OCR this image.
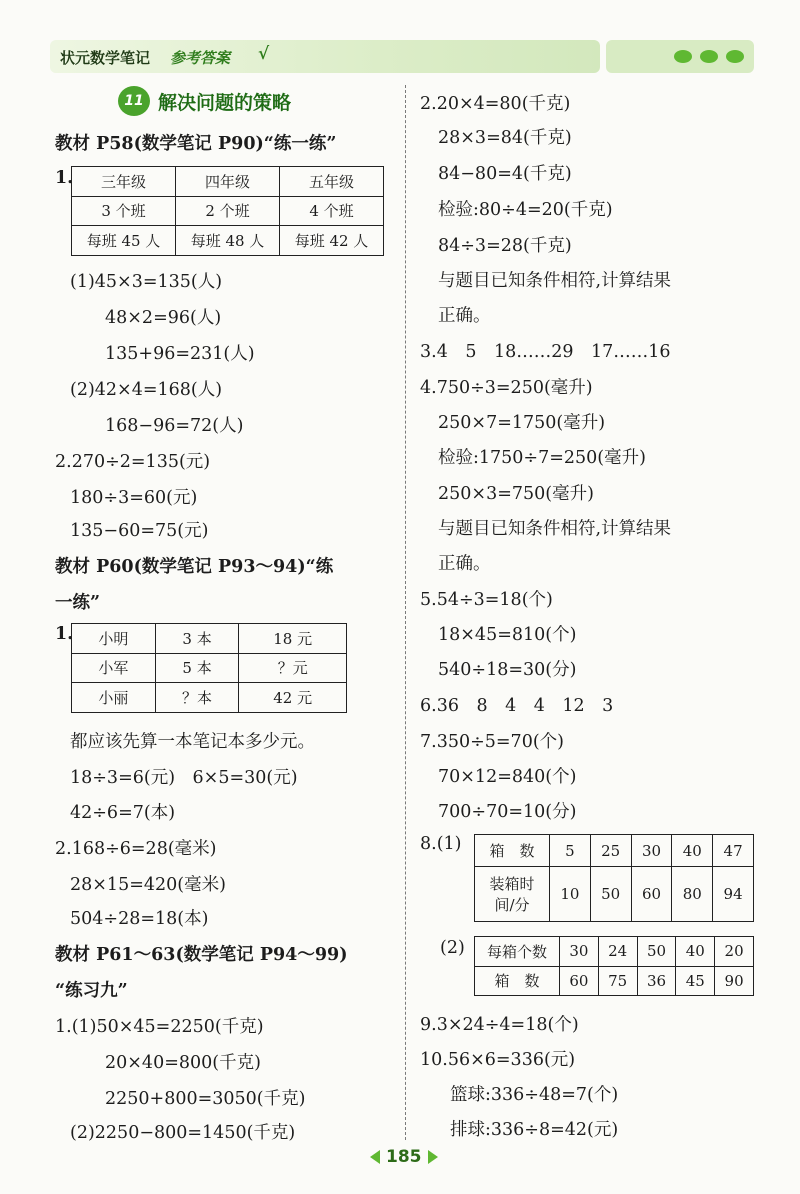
状元数学笔记 参考答案 √
11 解决问题的策略
教材 P58(数学笔记 P90)“练一练”
1. 三年级	四年级	五年级
3 个班	2 个班	4 个班
每班 45 人	每班 48 人	每班 42 人
(1)45×3=135(人)
48×2=96(人)
135+96=231(人)
(2)42×4=168(人)
168−96=72(人)
2.270÷2=135(元)
180÷3=60(元)
135−60=75(元)
教材 P60(数学笔记 P93～94)“练
一练”
1. 小明	3 本	18 元
小军	5 本	？元
小丽	？本	42 元
都应该先算一本笔记本多少元。
18÷3=6(元)　6×5=30(元)
42÷6=7(本)
2.168÷6=28(毫米)
28×15=420(毫米)
504÷28=18(本)
教材 P61～63(数学笔记 P94～99)
“练习九”
1.(1)50×45=2250(千克)
20×40=800(千克)
2250+800=3050(千克)
(2)2250−800=1450(千克)
2.20×4=80(千克)
28×3=84(千克)
84−80=4(千克)
检验:80÷4=20(千克)
84÷3=28(千克)
与题目已知条件相符,计算结果
正确。
3.4　5　18……29　17……16
4.750÷3=250(毫升)
250×7=1750(毫升)
检验:1750÷7=250(毫升)
250×3=750(毫升)
与题目已知条件相符,计算结果
正确。
5.54÷3=18(个)
18×45=810(个)
540÷18=30(分)
6.36　8　4　4　12　3
7.350÷5=70(个)
70×12=840(个)
700÷70=10(分)
8.(1) 箱　数	5	25	30	40	47

装箱时
间/分	10	50	60	80	94
(2) 每箱个数	30	24	50	40	20
箱　数	60	75	36	45	90
9.3×24÷4=18(个)
10.56×6=336(元)
篮球:336÷48=7(个)
排球:336÷8=42(元)
185
